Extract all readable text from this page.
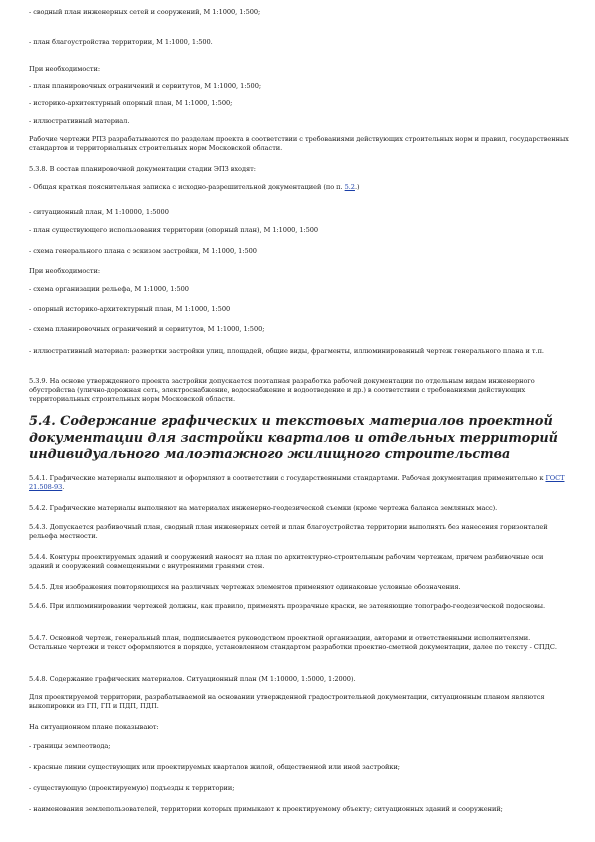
- сводный план инженерных сетей и сооружений, М 1:1000, 1:500;
- план благоустройства территории, М 1:1000, 1:500.
При необходимости:
- план планировочных ограничений и сервитутов, М 1:1000, 1:500;
- историко-архитектурный опорный план, М 1:1000, 1:500;
- иллюстративный материал.
Рабочие чертежи РПЗ разрабатываются по разделам проекта в соответствии с требованиями действующих строительных норм и правил, государственных стандартов и территориальных строительных норм Московской области.
5.3.8. В состав планировочной документации стадии ЭПЗ входят:
- Общая краткая пояснительная записка с исходно-разрешительной документацией (по п. 5.2.)
- ситуационный план, М 1:10000, 1:5000
- план существующего использования территории (опорный план), М 1:1000, 1:500
- схема генерального плана с эскизом застройки, М 1:1000, 1:500
При необходимости:
- схема организации рельефа, М 1:1000, 1:500
- опорный историко-архитектурный план, М 1:1000, 1:500
- схема планировочных ограничений и сервитутов, М 1:1000, 1:500;
- иллюстративный материал: развертки застройки улиц, площадей, общие виды, фрагменты, иллюминированный чертеж генерального плана и т.п.
5.3.9. На основе утвержденного проекта застройки допускается поэтапная разработка рабочей документации по отдельным видам инженерного обустройства (улично-дорожная сеть, электроснабжение, водоснабжение и водоотведение и др.) в соответствии с требованиями действующих территориальных строительных норм Московской области.
5.4. Содержание графических и текстовых материалов проектной документации для застройки кварталов и отдельных территорий индивидуального малоэтажного жилищного строительства
5.4.1. Графические материалы выполняют и оформляют в соответствии с государственными стандартами. Рабочая документация применительно к ГОСТ 21.508-93.
5.4.2. Графические материалы выполняют на материалах инженерно-геодезической съемки (кроме чертежа баланса земляных масс).
5.4.3. Допускается разбивочный план, сводный план инженерных сетей и план благоустройства территории выполнять без нанесения горизонталей рельефа местности.
5.4.4. Контуры проектируемых зданий и сооружений наносят на план по архитектурно-строительным рабочим чертежам, причем разбивочные оси зданий и сооружений совмещенными с внутренними гранями стен.
5.4.5. Для изображения повторяющихся на различных чертежах элементов применяют одинаковые условные обозначения.
5.4.6. При иллюминировании чертежей должны, как правило, применять прозрачные краски, не затеняющие топографо-геодезической подосновы.
5.4.7. Основной чертеж, генеральный план, подписывается руководством проектной организации, авторами и ответственными исполнителями. Остальные чертежи и текст оформляются в порядке, установленном стандартом разработки проектно-сметной документации, далее по тексту - СПДС.
5.4.8. Содержание графических материалов. Ситуационный план (М 1:10000, 1:5000, 1:2000).
Для проектируемой территории, разрабатываемой на основании утвержденной градостроительной документации, ситуационным планом являются выкопировки из ГП, ГП и ПДП, ПДП.
На ситуационном плане показывают:
- границы землеотвода;
- красные линии существующих или проектируемых кварталов жилой, общественной или иной застройки;
- существующую (проектируемую) подъезды к территории;
- наименования землепользователей, территории которых примыкают к проектируемому объекту; ситуационных зданий и сооружений;
